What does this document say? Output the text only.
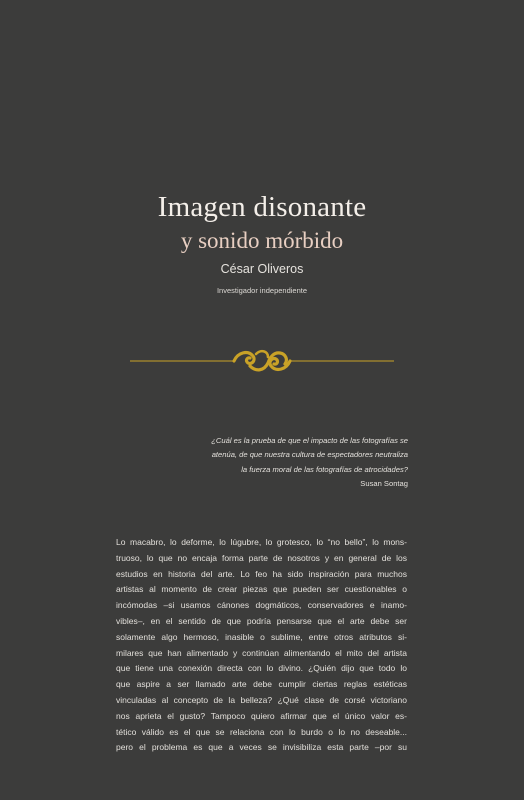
Imagen disonante
y sonido mórbido
César Oliveros
Investigador independiente

¿Cuál es la prueba de que el impacto de las fotografías se
atenúa, de que nuestra cultura de espectadores neutraliza
la fuerza moral de las fotografías de atrocidades?

Susan Sontag

Lo macabro, lo deforme, lo lúgubre, lo grotesco, lo “no bello”, lo mons-
truoso, lo que no encaja forma parte de nosotros y en general de los
estudios en historia del arte. Lo feo ha sido inspiración para muchos
artistas al momento de crear piezas que pueden ser cuestionables o
incómodas –si usamos cánones dogmáticos, conservadores e inamo-
vibles–, en el sentido de que podría pensarse que el arte debe ser
solamente algo hermoso, inasible o sublime, entre otros atributos si-
milares que han alimentado y continúan alimentando el mito del artista
que tiene una conexión directa con lo divino. ¿Quién dijo que todo lo
que aspire a ser llamado arte debe cumplir ciertas reglas estéticas
vinculadas al concepto de la belleza? ¿Qué clase de corsé victoriano
nos aprieta el gusto? Tampoco quiero afirmar que el único valor es-
tético válido es el que se relaciona con lo burdo o lo no deseable...
pero el problema es que a veces se invisibiliza esta parte –por su
